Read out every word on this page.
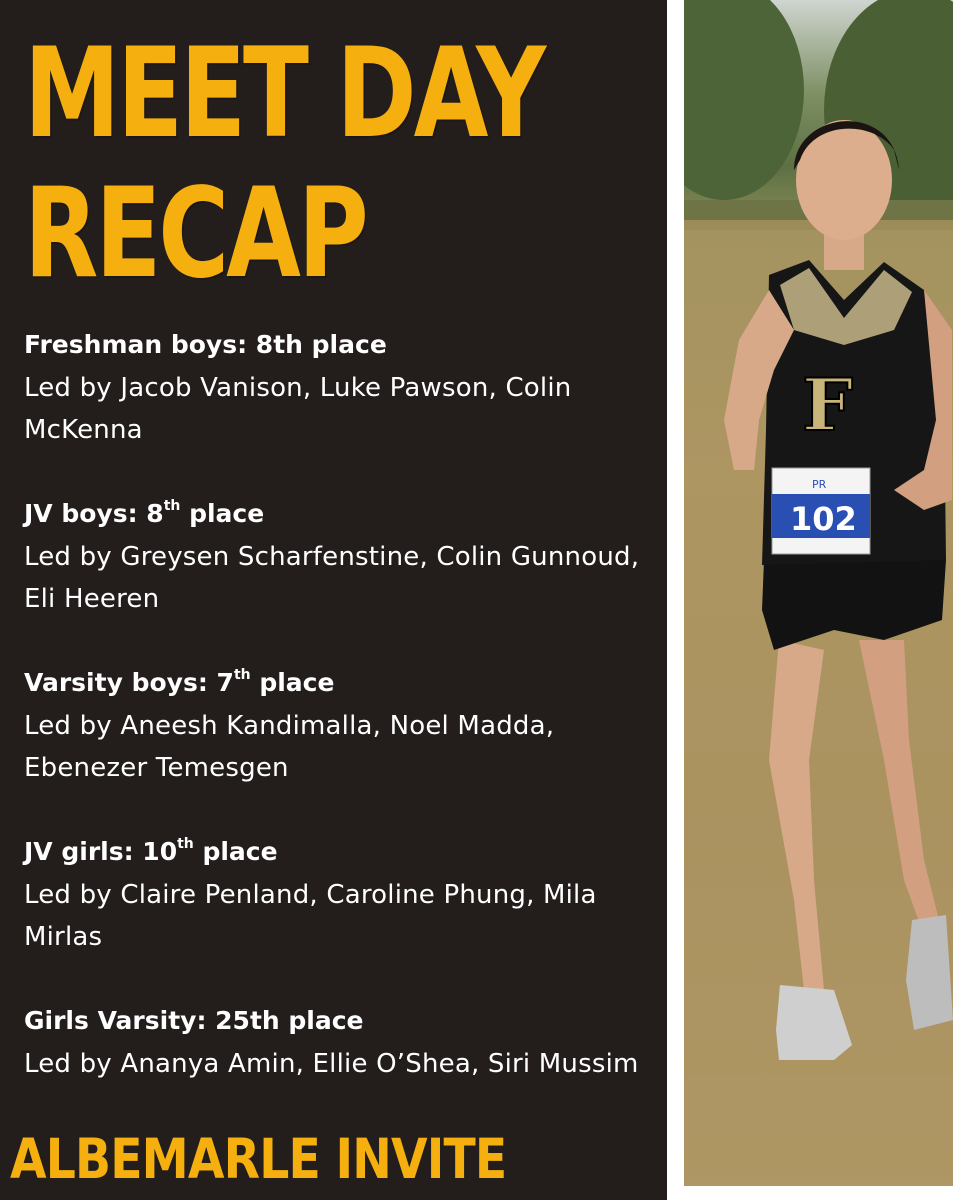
MEET DAY
RECAP
Freshman boys: 8th place
Led by Jacob Vanison, Luke Pawson, Colin McKenna
JV boys: 8th place
Led by Greysen Scharfenstine, Colin Gunnoud, Eli Heeren
Varsity boys: 7th place
Led by Aneesh Kandimalla, Noel Madda, Ebenezer Temesgen
JV girls: 10th place
Led by Claire Penland, Caroline Phung, Mila Mirlas
Girls Varsity: 25th place
Led by Ananya Amin, Ellie O’Shea, Siri Mussim
ALBEMARLE INVITE
F
PR
102
